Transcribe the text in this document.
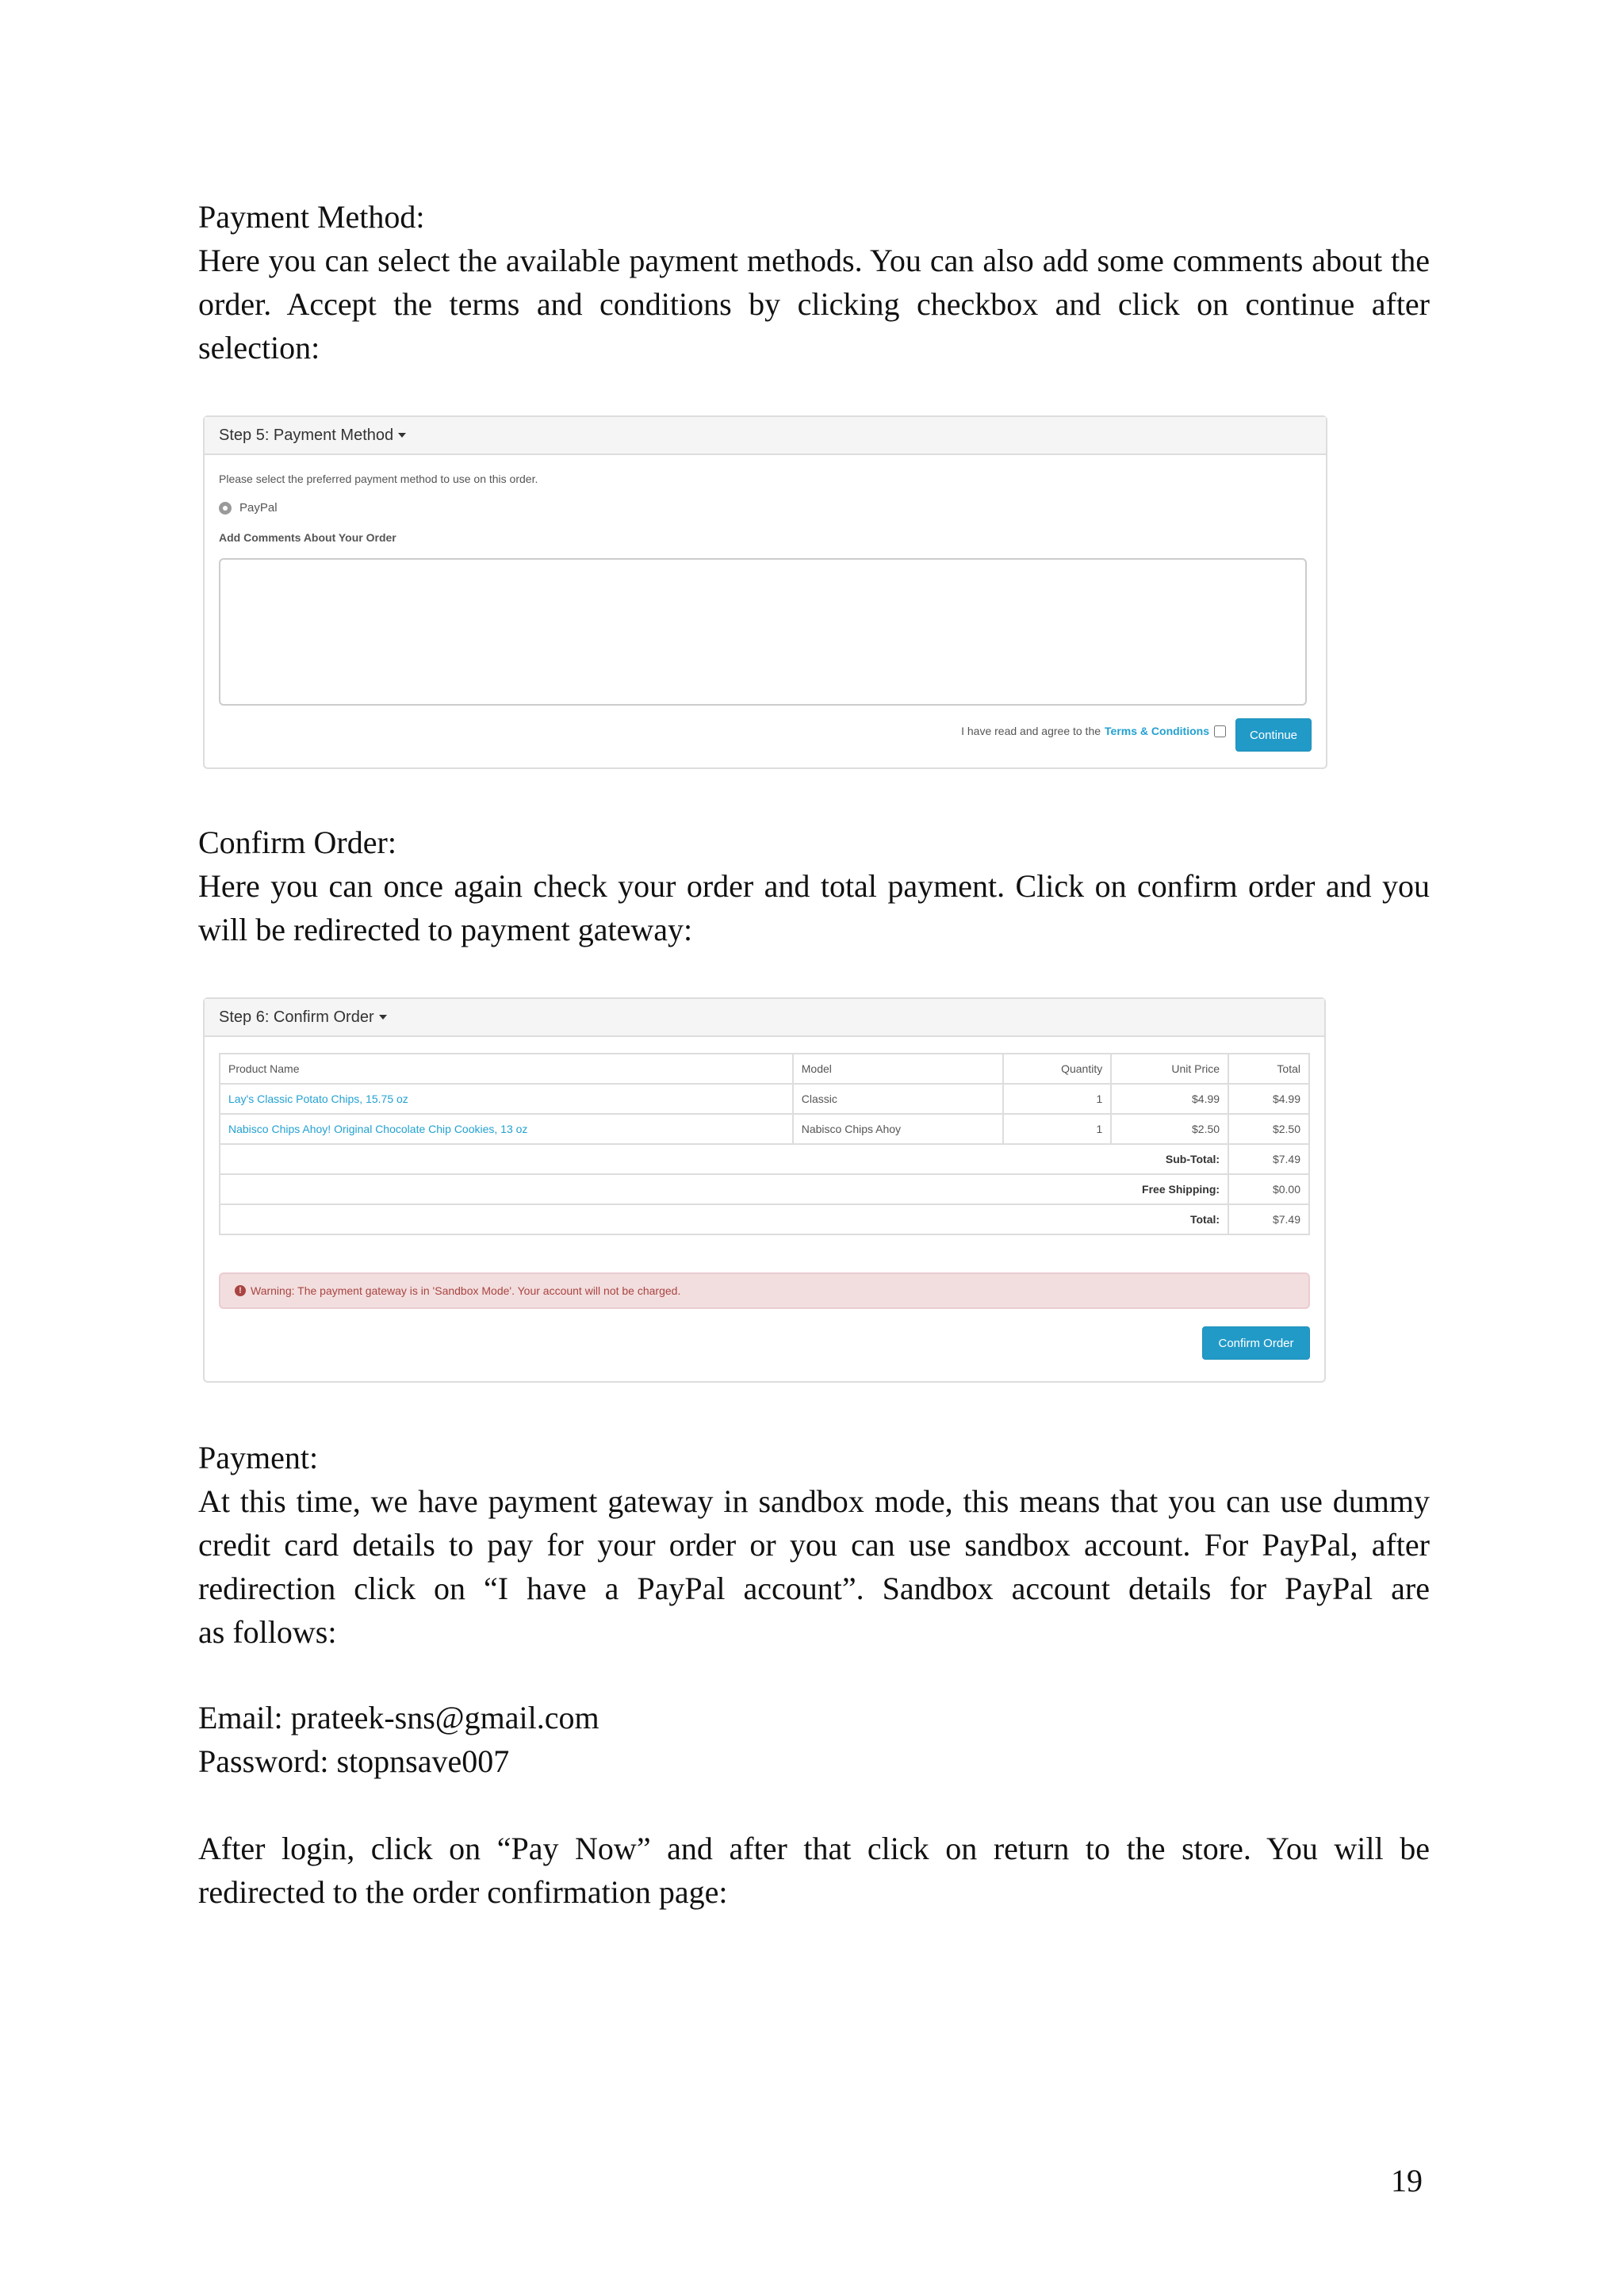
Payment Method:

Here you can select the available payment methods. You can also add some comments about the order. Accept the terms and conditions by clicking checkbox and click on continue after

selection:

Step 5: Payment Method
Please select the preferred payment method to use on this order.
PayPal
Add Comments About Your Order
I have read and agree to the Terms & Conditions	Continue
Confirm Order:

Here you can once again check your order and total payment. Click on confirm order and you

will be redirected to payment gateway:

Step 6: Confirm Order
Product Name	Model	Quantity	Unit Price	Total
Lay's Classic Potato Chips, 15.75 oz	Classic	1	$4.99	$4.99
Nabisco Chips Ahoy! Original Chocolate Chip Cookies, 13 oz	Nabisco Chips Ahoy	1	$2.50	$2.50
Sub-Total:				$7.49
Free Shipping:				$0.00
Total:				$7.49
! Warning: The payment gateway is in 'Sandbox Mode'. Your account will not be charged.
Confirm Order
Payment:

At this time, we have payment gateway in sandbox mode, this means that you can use dummy credit card details to pay for your order or you can use sandbox account. For PayPal, after redirection click on “I have a PayPal account”. Sandbox account details for PayPal are

as follows:

Email: prateek-sns@gmail.com
Password: stopnsave007

After login, click on “Pay Now” and after that click on return to the store. You will be

redirected to the order confirmation page:

19
